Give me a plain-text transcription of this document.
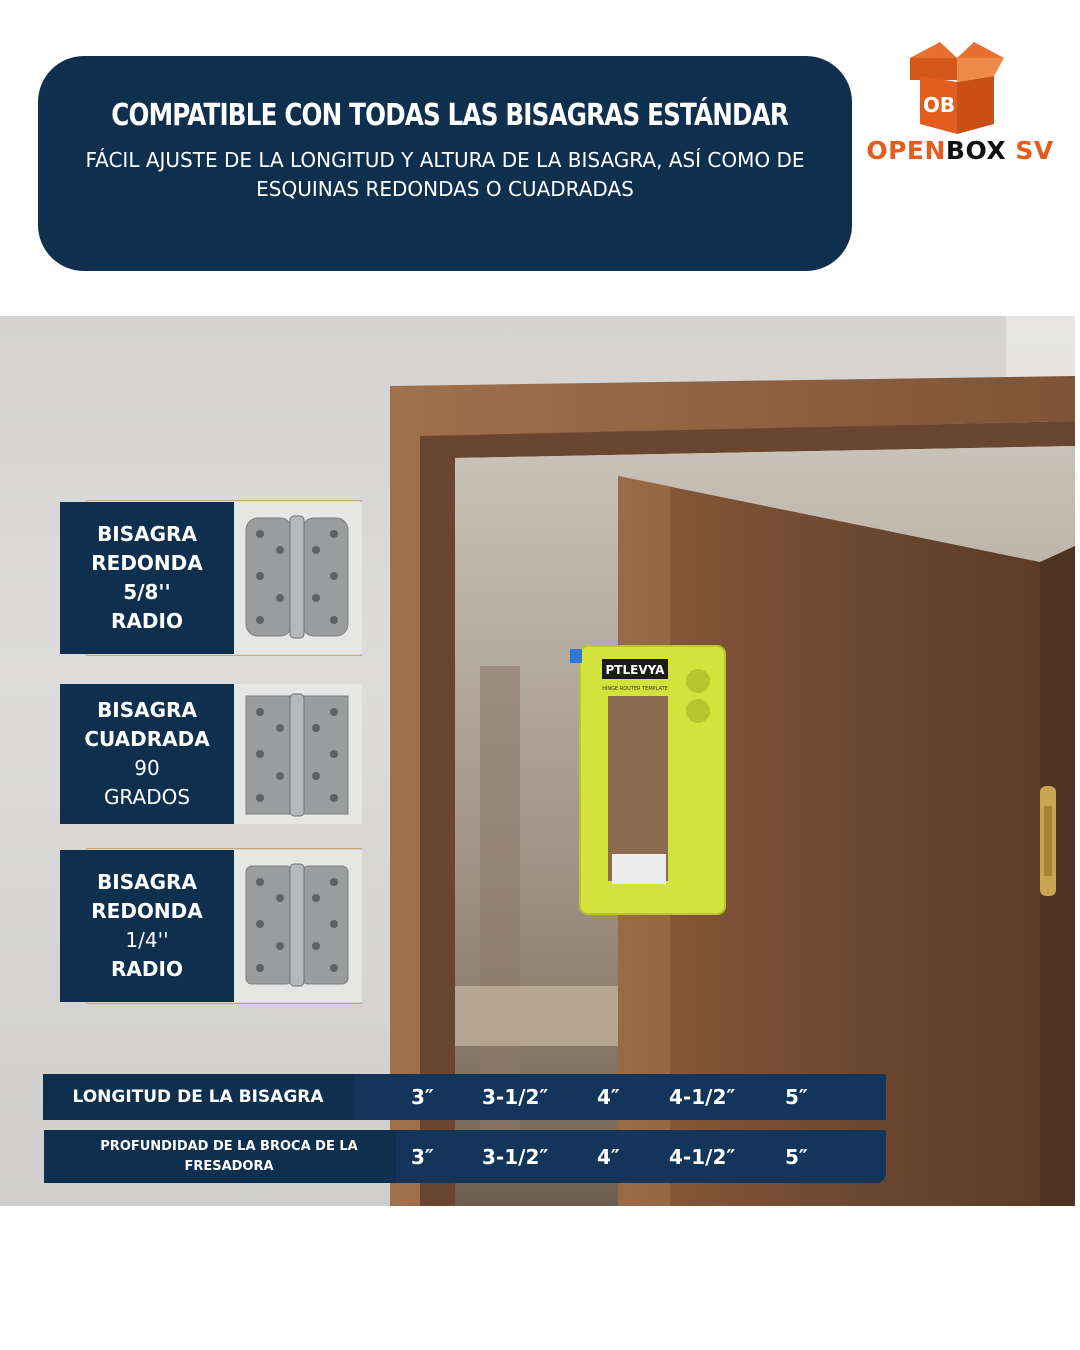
COMPATIBLE CON TODAS LAS BISAGRAS ESTÁNDAR
FÁCIL AJUSTE DE LA LONGITUD Y ALTURA DE LA BISAGRA, ASÍ COMO DE
ESQUINAS REDONDAS O CUADRADAS
OB
OPENBOX SV
PTLEVYA
HINGE ROUTER TEMPLATE
BISAGRA
REDONDA
5/8''
RADIO
BISAGRA
CUADRADA
90
GRADOS
BISAGRA
REDONDA
1/4''
RADIO
LONGITUD DE LA BISAGRA	3″ 3-1/2″ 4″ 4-1/2″ 5″
PROFUNDIDAD DE LA BROCA DE LA
FRESADORA	3″ 3-1/2″ 4″ 4-1/2″ 5″
